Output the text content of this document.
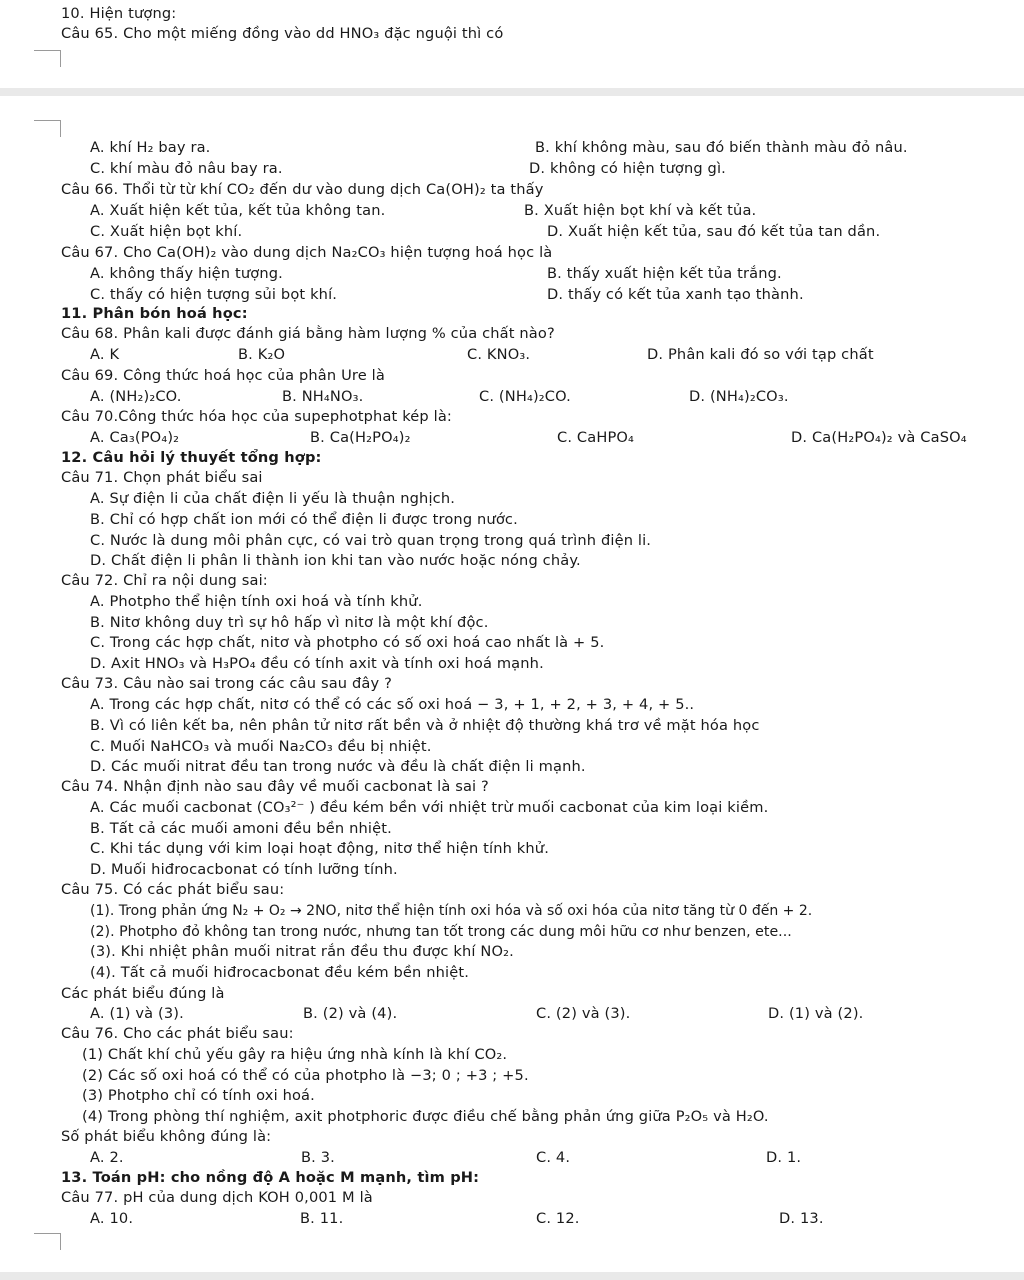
10. Hiện tượng:
Câu 65. Cho một miếng đồng vào dd HNO₃ đặc nguội thì có
A. khí H₂ bay ra.	B. khí không màu, sau đó biến thành màu đỏ nâu.
C. khí màu đỏ nâu bay ra.	D. không có hiện tượng gì.
Câu 66. Thổi từ từ khí CO₂ đến dư vào dung dịch Ca(OH)₂ ta thấy
A. Xuất hiện kết tủa, kết tủa không tan.	B. Xuất hiện bọt khí và kết tủa.
C. Xuất hiện bọt khí.	D. Xuất hiện kết tủa, sau đó kết tủa tan dần.
Câu 67. Cho Ca(OH)₂ vào dung dịch Na₂CO₃ hiện tượng hoá học là
A. không thấy hiện tượng.	B. thấy xuất hiện kết tủa trắng.
C. thấy có hiện tượng sủi bọt khí.	D. thấy có kết tủa xanh tạo thành.
11. Phân bón hoá học:
Câu 68. Phân kali được đánh giá bằng hàm lượng % của chất nào?
A. K	B. K₂O	C. KNO₃.	D. Phân kali đó so với tạp chất
Câu 69. Công thức hoá học của phân Ure là
A. (NH₂)₂CO.	B. NH₄NO₃.	C. (NH₄)₂CO.	D. (NH₄)₂CO₃.
Câu 70.Công thức hóa học của supephotphat kép là:
A. Ca₃(PO₄)₂	B. Ca(H₂PO₄)₂	C. CaHPO₄	D. Ca(H₂PO₄)₂ và CaSO₄
12. Câu hỏi lý thuyết tổng hợp:
Câu 71. Chọn phát biểu sai
A. Sự điện li của chất điện li yếu là thuận nghịch.
B. Chỉ có hợp chất ion mới có thể điện li được trong nước.
C. Nước là dung môi phân cực, có vai trò quan trọng trong quá trình điện li.
D. Chất điện li phân li thành ion khi tan vào nước hoặc nóng chảy.
Câu 72. Chỉ ra nội dung sai:
A. Photpho thể hiện tính oxi hoá và tính khử.
B. Nitơ không duy trì sự hô hấp vì nitơ là một khí độc.
C. Trong các hợp chất, nitơ và photpho có số oxi hoá cao nhất là + 5.
D. Axit HNO₃ và H₃PO₄ đều có tính axit và tính oxi hoá mạnh.
Câu 73. Câu nào sai trong các câu sau đây ?
A. Trong các hợp chất, nitơ có thể có các số oxi hoá − 3, + 1, + 2, + 3, + 4, + 5..
B. Vì có liên kết ba, nên phân tử nitơ rất bền và ở nhiệt độ thường khá trơ về mặt hóa học
C. Muối NaHCO₃ và muối Na₂CO₃ đều bị nhiệt.
D. Các muối nitrat đều tan trong nước và đều là chất điện li mạnh.
Câu 74. Nhận định nào sau đây về muối cacbonat là sai ?
A. Các muối cacbonat (CO₃²⁻ ) đều kém bền với nhiệt trừ muối cacbonat của kim loại kiềm.
B. Tất cả các muối amoni đều bền nhiệt.
C. Khi tác dụng với kim loại hoạt động, nitơ thể hiện tính khử.
D. Muối hiđrocacbonat có tính lưỡng tính.
Câu 75. Có các phát biểu sau:
(1). Trong phản ứng N₂ + O₂ → 2NO, nitơ thể hiện tính oxi hóa và số oxi hóa của nitơ tăng từ 0 đến + 2.
(2). Photpho đỏ không tan trong nước, nhưng tan tốt trong các dung môi hữu cơ như benzen, ete...
(3). Khi nhiệt phân muối nitrat rắn đều thu được khí NO₂.
(4). Tất cả muối hiđrocacbonat đều kém bền nhiệt.
Các phát biểu đúng là
A. (1) và (3).	B. (2) và (4).	C. (2) và (3).	D. (1) và (2).
Câu 76. Cho các phát biểu sau:
(1) Chất khí chủ yếu gây ra hiệu ứng nhà kính là khí CO₂.
(2) Các số oxi hoá có thể có của photpho là −3; 0 ; +3 ; +5.
(3) Photpho chỉ có tính oxi hoá.
(4) Trong phòng thí nghiệm, axit photphoric được điều chế bằng phản ứng giữa P₂O₅ và H₂O.
Số phát biểu không đúng là:
A. 2.	B. 3.	C. 4.	D. 1.
13. Toán pH: cho nồng độ A hoặc M mạnh, tìm pH:
Câu 77. pH của dung dịch KOH 0,001 M là
A. 10.	B. 11.	C. 12.	D. 13.
